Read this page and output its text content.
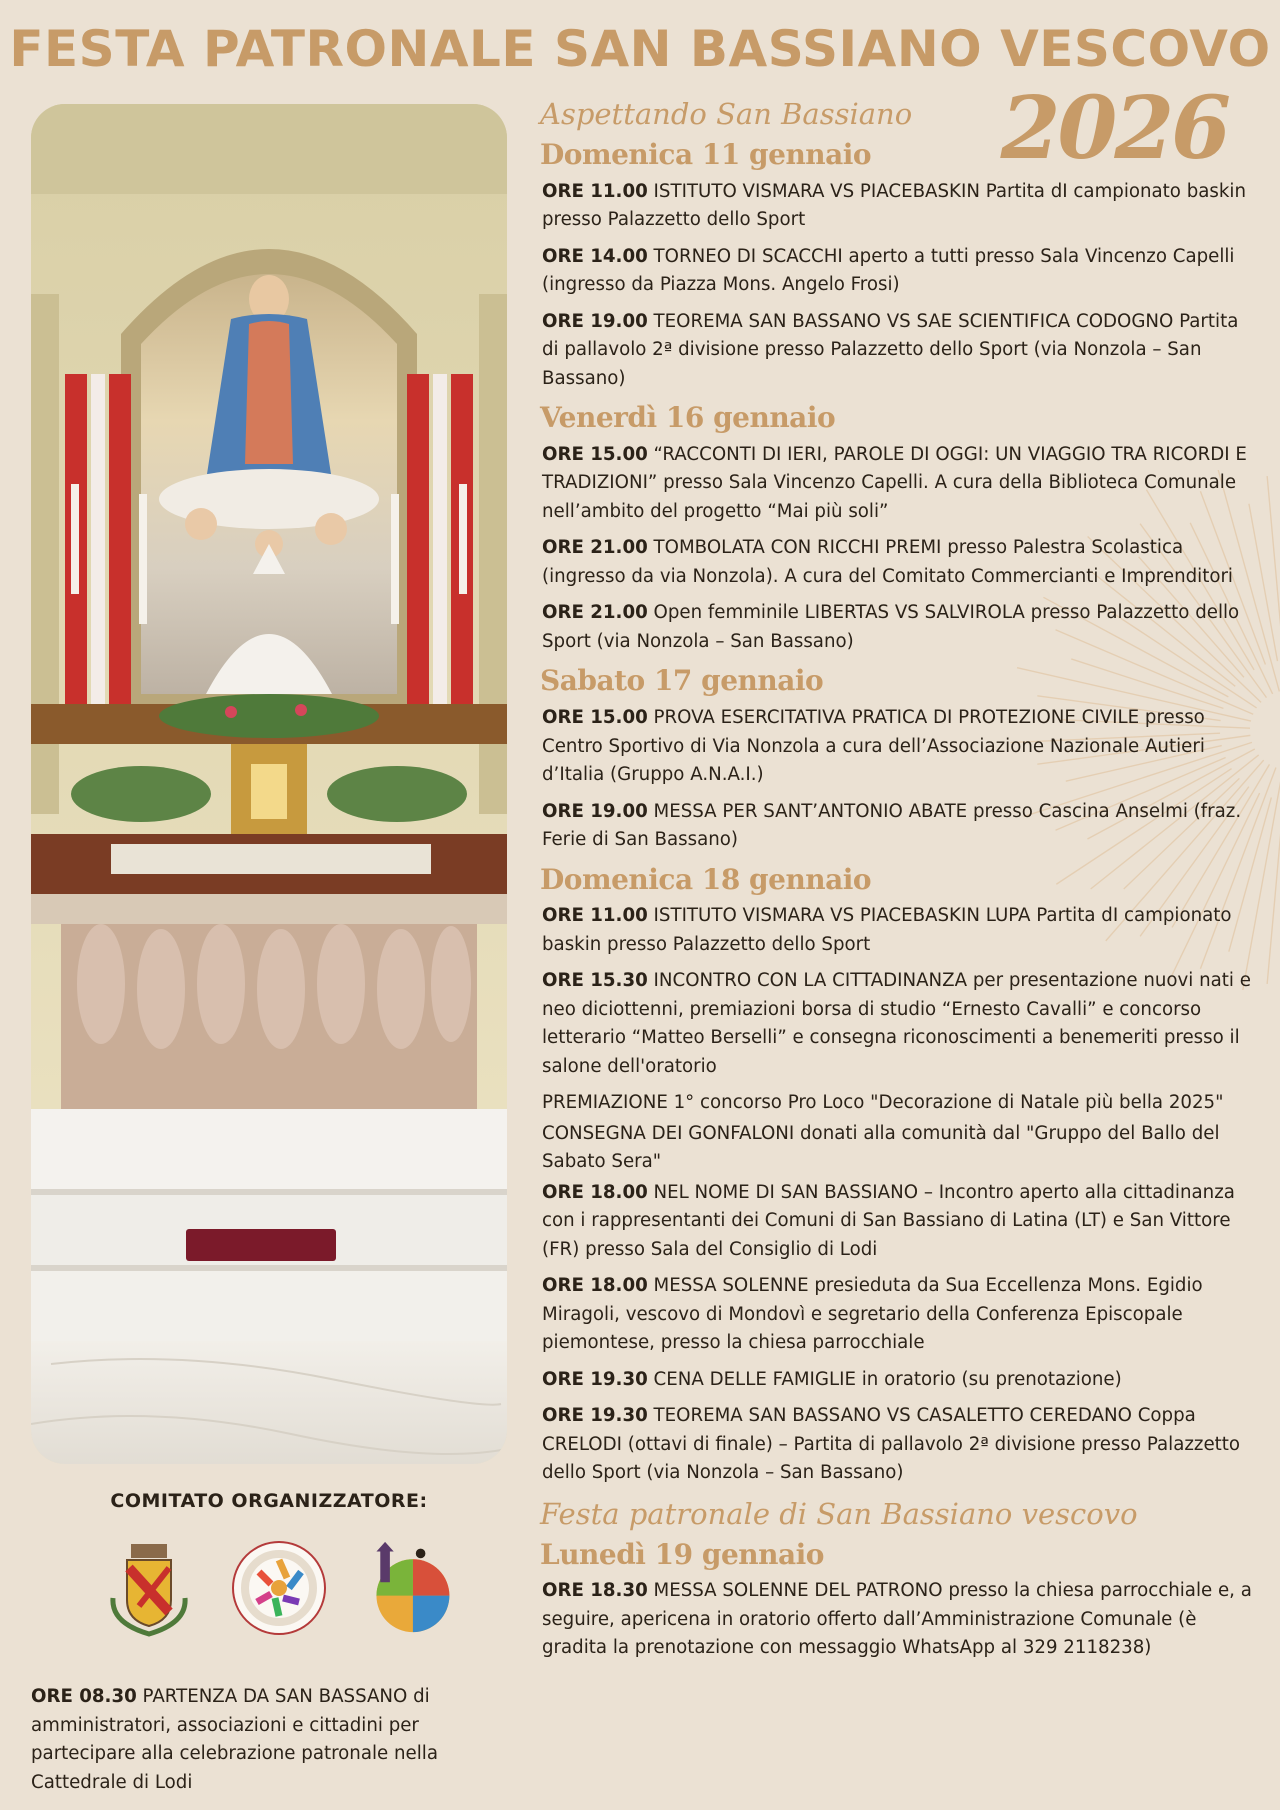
FESTA PATRONALE SAN BASSIANO VESCOVO
2026
Aspettando San Bassiano
Domenica 11 gennaio

ORE 11.00 ISTITUTO VISMARA VS PIACEBASKIN Partita dI campionato baskin presso Palazzetto dello Sport

ORE 14.00 TORNEO DI SCACCHI aperto a tutti presso Sala Vincenzo Capelli (ingresso da Piazza Mons. Angelo Frosi)

ORE 19.00 TEOREMA SAN BASSANO VS SAE SCIENTIFICA CODOGNO Partita di pallavolo 2ª divisione presso Palazzetto dello Sport (via Nonzola – San Bassano)

Venerdì 16 gennaio

ORE 15.00 “RACCONTI DI IERI, PAROLE DI OGGI: UN VIAGGIO TRA RICORDI E TRADIZIONI” presso Sala Vincenzo Capelli. A cura della Biblioteca Comunale nell’ambito del progetto “Mai più soli”

ORE 21.00 TOMBOLATA CON RICCHI PREMI presso Palestra Scolastica (ingresso da via Nonzola). A cura del Comitato Commercianti e Imprenditori

ORE 21.00 Open femminile LIBERTAS VS SALVIROLA presso Palazzetto dello Sport (via Nonzola – San Bassano)

Sabato 17 gennaio

ORE 15.00 PROVA ESERCITATIVA PRATICA DI PROTEZIONE CIVILE presso Centro Sportivo di Via Nonzola a cura dell’Associazione Nazionale Autieri d’Italia (Gruppo A.N.A.I.)

ORE 19.00 MESSA PER SANT’ANTONIO ABATE presso Cascina Anselmi (fraz. Ferie di San Bassano)

Domenica 18 gennaio

ORE 11.00 ISTITUTO VISMARA VS PIACEBASKIN LUPA Partita dI campionato baskin presso Palazzetto dello Sport

ORE 15.30 INCONTRO CON LA CITTADINANZA per presentazione nuovi nati e neo diciottenni, premiazioni borsa di studio “Ernesto Cavalli” e concorso letterario “Matteo Berselli” e consegna riconoscimenti a benemeriti presso il salone dell'oratorio

PREMIAZIONE 1° concorso Pro Loco "Decorazione di Natale più bella 2025"

CONSEGNA DEI GONFALONI donati alla comunità dal "Gruppo del Ballo del Sabato Sera"

ORE 18.00 NEL NOME DI SAN BASSIANO – Incontro aperto alla cittadinanza con i rappresentanti dei Comuni di San Bassiano di Latina (LT) e San Vittore (FR) presso Sala del Consiglio di Lodi

ORE 18.00 MESSA SOLENNE presieduta da Sua Eccellenza Mons. Egidio Miragoli, vescovo di Mondovì e segretario della Conferenza Episcopale piemontese, presso la chiesa parrocchiale

ORE 19.30 CENA DELLE FAMIGLIE in oratorio (su prenotazione)

ORE 19.30 TEOREMA SAN BASSANO VS CASALETTO CEREDANO Coppa CRELODI (ottavi di finale) – Partita di pallavolo 2ª divisione presso Palazzetto dello Sport (via Nonzola – San Bassano)

Festa patronale di San Bassiano vescovo
Lunedì 19 gennaio

ORE 18.30 MESSA SOLENNE DEL PATRONO presso la chiesa parrocchiale e, a seguire, apericena in oratorio offerto dall’Amministrazione Comunale (è gradita la prenotazione con messaggio WhatsApp al 329 2118238)

COMITATO ORGANIZZATORE:

ORE 08.30 PARTENZA DA SAN BASSANO di amministratori, associazioni e cittadini per partecipare alla celebrazione patronale nella Cattedrale di Lodi
